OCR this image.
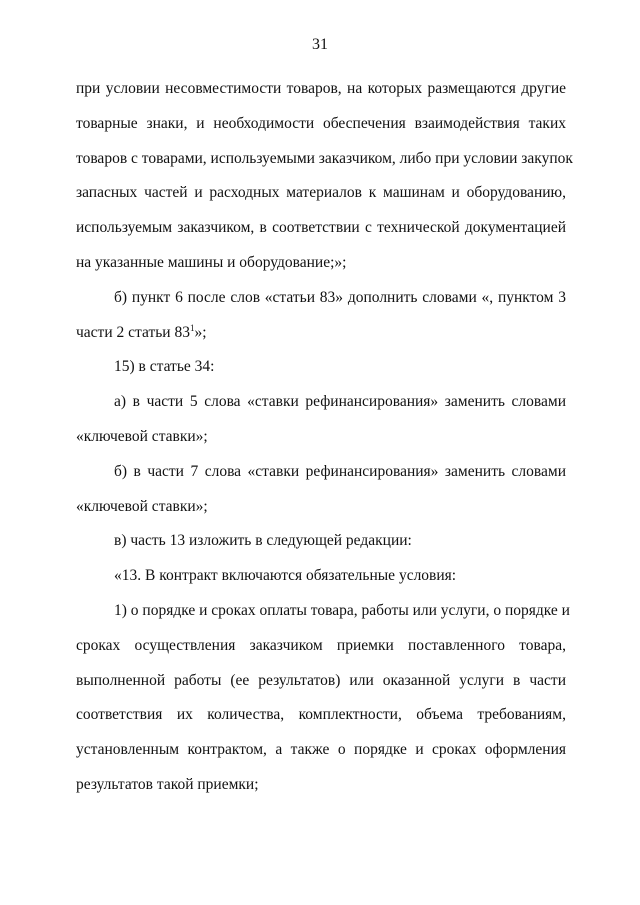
31
при условии несовместимости товаров, на которых размещаются другие
товарные знаки, и необходимости обеспечения взаимодействия таких
товаров с товарами, используемыми заказчиком, либо при условии закупок
запасных частей и расходных материалов к машинам и оборудованию,
используемым заказчиком, в соответствии с технической документацией
на указанные машины и оборудование;»;
б) пункт 6 после слов «статьи 83» дополнить словами «, пунктом 3
части 2 статьи $83^1$»;
15) в статье 34:
а) в части 5 слова «ставки рефинансирования» заменить словами
«ключевой ставки»;
б) в части 7 слова «ставки рефинансирования» заменить словами
«ключевой ставки»;
в) часть 13 изложить в следующей редакции:
«13. В контракт включаются обязательные условия:
1) о порядке и сроках оплаты товара, работы или услуги, о порядке и
сроках осуществления заказчиком приемки поставленного товара,
выполненной работы (ее результатов) или оказанной услуги в части
соответствия их количества, комплектности, объема требованиям,
установленным контрактом, а также о порядке и сроках оформления
результатов такой приемки;
